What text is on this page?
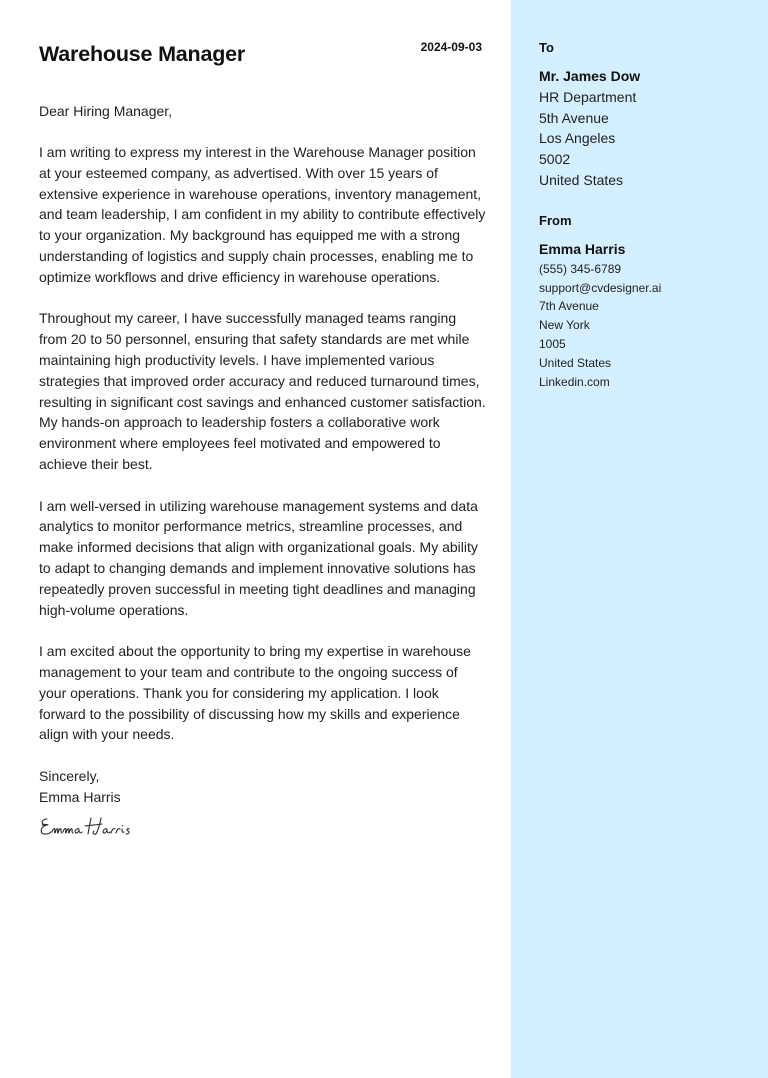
Warehouse Manager	2024-09-03
Dear Hiring Manager,

I am writing to express my interest in the Warehouse Manager position at your esteemed company, as advertised. With over 15 years of extensive experience in warehouse operations, inventory management, and team leadership, I am confident in my ability to contribute effectively to your organization. My background has equipped me with a strong understanding of logistics and supply chain processes, enabling me to optimize workflows and drive efficiency in warehouse operations.

Throughout my career, I have successfully managed teams ranging from 20 to 50 personnel, ensuring that safety standards are met while maintaining high productivity levels. I have implemented various strategies that improved order accuracy and reduced turnaround times, resulting in significant cost savings and enhanced customer satisfaction. My hands-on approach to leadership fosters a collaborative work environment where employees feel motivated and empowered to achieve their best.

I am well-versed in utilizing warehouse management systems and data analytics to monitor performance metrics, streamline processes, and make informed decisions that align with organizational goals. My ability to adapt to changing demands and implement innovative solutions has repeatedly proven successful in meeting tight deadlines and managing high-volume operations.

I am excited about the opportunity to bring my expertise in warehouse management to your team and contribute to the ongoing success of your operations. Thank you for considering my application. I look forward to the possibility of discussing how my skills and experience align with your needs.

Sincerely,
Emma Harris
To
Mr. James Dow
HR Department
5th Avenue
Los Angeles
5002
United States
From
Emma Harris
(555) 345-6789
support@cvdesigner.ai
7th Avenue
New York
1005
United States
Linkedin.com
